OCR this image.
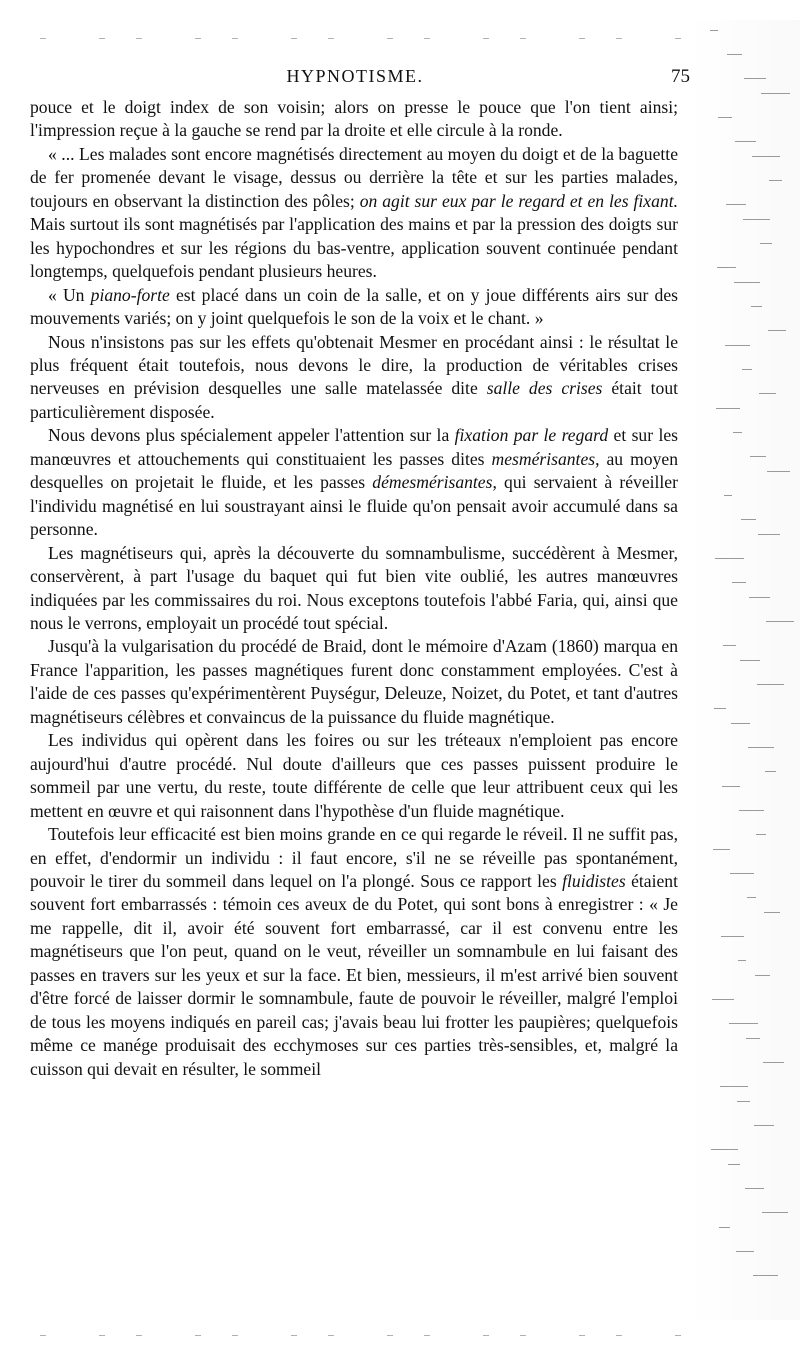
HYPNOTISME.	75

pouce et le doigt index de son voisin; alors on presse le pouce que l'on tient ainsi; l'impression reçue à la gauche se rend par la droite et elle circule à la ronde.

« ... Les malades sont encore magnétisés directement au moyen du doigt et de la baguette de fer promenée devant le visage, dessus ou derrière la tête et sur les parties malades, toujours en observant la distinction des pôles; on agit sur eux par le regard et en les fixant. Mais surtout ils sont magnétisés par l'application des mains et par la pression des doigts sur les hypochondres et sur les régions du bas-ventre, application souvent continuée pendant longtemps, quelquefois pendant plusieurs heures.

« Un piano-forte est placé dans un coin de la salle, et on y joue différents airs sur des mouvements variés; on y joint quelquefois le son de la voix et le chant. »

Nous n'insistons pas sur les effets qu'obtenait Mesmer en procédant ainsi : le résultat le plus fréquent était toutefois, nous devons le dire, la production de véritables crises nerveuses en prévision desquelles une salle matelassée dite salle des crises était tout particulièrement disposée.

Nous devons plus spécialement appeler l'attention sur la fixation par le regard et sur les manœuvres et attouchements qui constituaient les passes dites mesmérisantes, au moyen desquelles on projetait le fluide, et les passes démesmérisantes, qui servaient à réveiller l'individu magnétisé en lui soustrayant ainsi le fluide qu'on pensait avoir accumulé dans sa personne.

Les magnétiseurs qui, après la découverte du somnambulisme, succédèrent à Mesmer, conservèrent, à part l'usage du baquet qui fut bien vite oublié, les autres manœuvres indiquées par les commissaires du roi. Nous exceptons toutefois l'abbé Faria, qui, ainsi que nous le verrons, employait un procédé tout spécial.

Jusqu'à la vulgarisation du procédé de Braid, dont le mémoire d'Azam (1860) marqua en France l'apparition, les passes magnétiques furent donc constamment employées. C'est à l'aide de ces passes qu'expérimentèrent Puységur, Deleuze, Noizet, du Potet, et tant d'autres magnétiseurs célèbres et convaincus de la puissance du fluide magnétique.

Les individus qui opèrent dans les foires ou sur les tréteaux n'emploient pas encore aujourd'hui d'autre procédé. Nul doute d'ailleurs que ces passes puissent produire le sommeil par une vertu, du reste, toute différente de celle que leur attribuent ceux qui les mettent en œuvre et qui raisonnent dans l'hypothèse d'un fluide magnétique.

Toutefois leur efficacité est bien moins grande en ce qui regarde le réveil. Il ne suffit pas, en effet, d'endormir un individu : il faut encore, s'il ne se réveille pas spontanément, pouvoir le tirer du sommeil dans lequel on l'a plongé. Sous ce rapport les fluidistes étaient souvent fort embarrassés : témoin ces aveux de du Potet, qui sont bons à enregistrer : « Je me rappelle, dit il, avoir été souvent fort embarrassé, car il est convenu entre les magnétiseurs que l'on peut, quand on le veut, réveiller un somnambule en lui faisant des passes en travers sur les yeux et sur la face. Et bien, messieurs, il m'est arrivé bien souvent d'être forcé de laisser dormir le somnambule, faute de pouvoir le réveiller, malgré l'emploi de tous les moyens indiqués en pareil cas; j'avais beau lui frotter les paupières; quelquefois même ce manége produisait des ecchymoses sur ces parties très-sensibles, et, malgré la cuisson qui devait en résulter, le sommeil
